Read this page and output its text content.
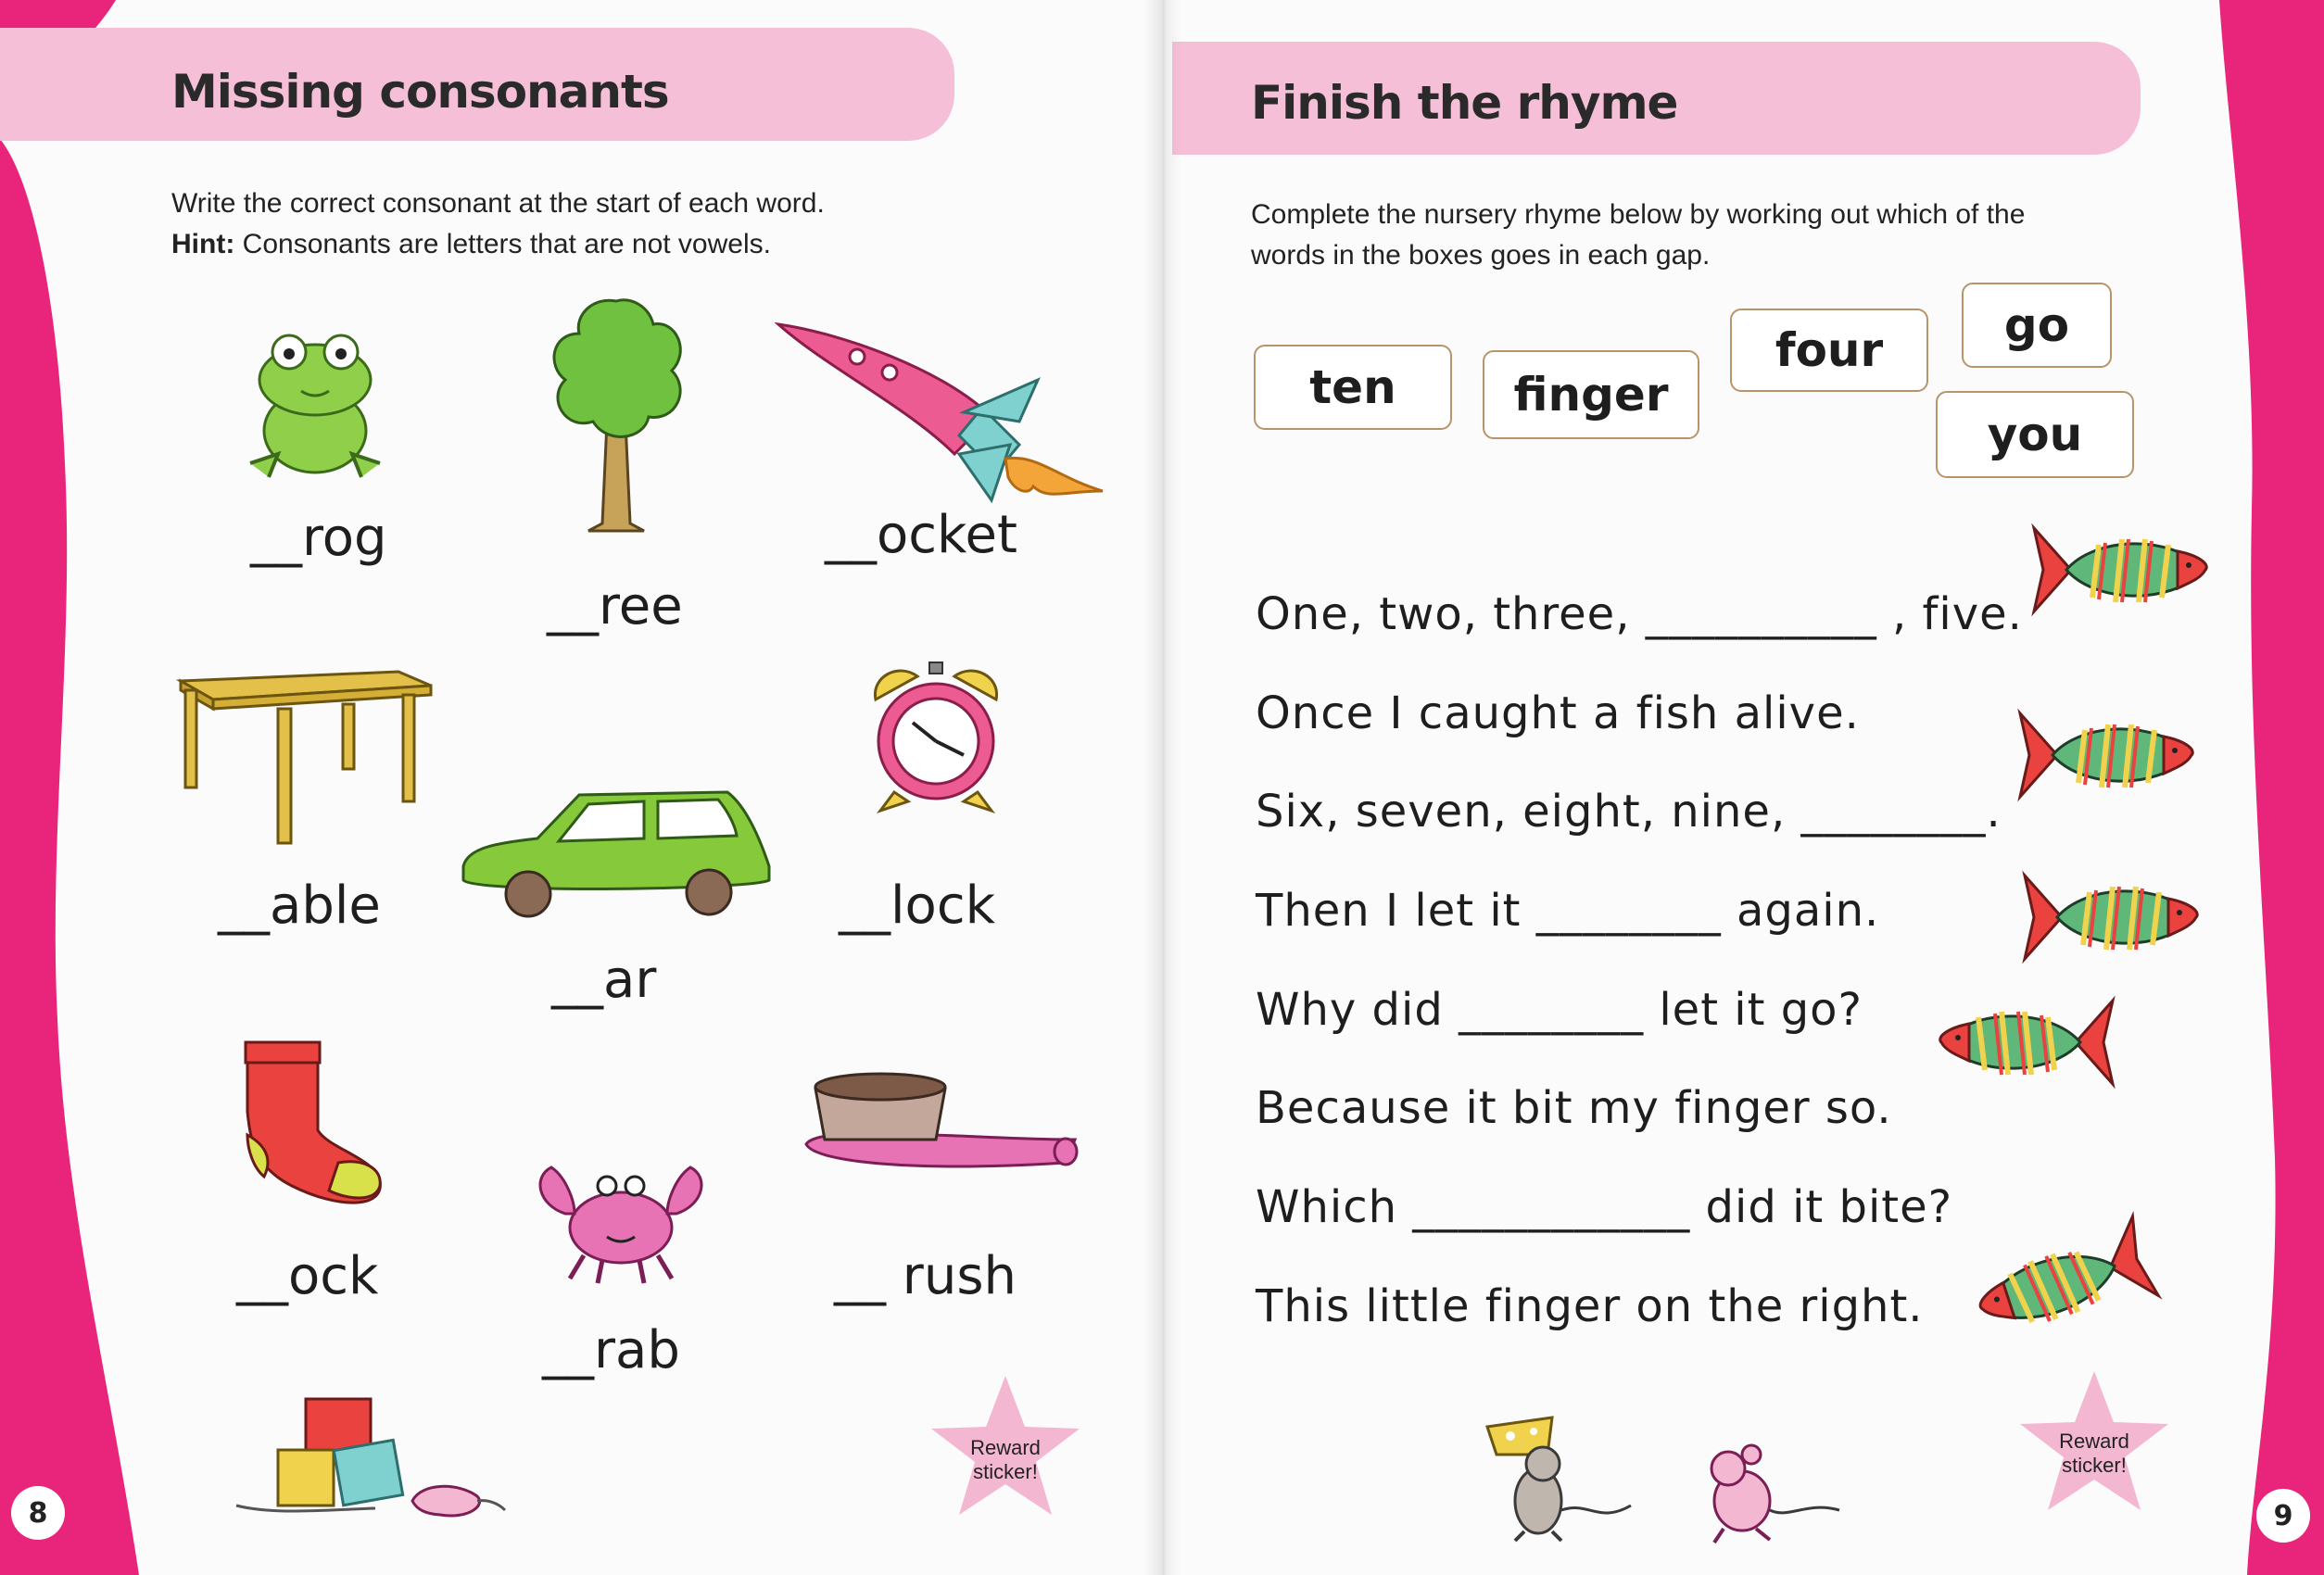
Missing consonants
Write the correct consonant at the start of each word.
Hint: Consonants are letters that are not vowels.
__rog
__ree
__ocket
__able
__ar
__lock
__ock
__rab
__ rush
Reward
sticker!
8
Finish the rhyme
Complete the nursery rhyme below by working out which of the
words in the boxes goes in each gap.
ten	finger
four	go
you
One, two, three, __________ , five.
Once I caught a fish alive.
Six, seven, eight, nine, ________.
Then I let it ________ again.
Why did ________ let it go?
Because it bit my finger so.
Which ____________ did it bite?
This little finger on the right.
Reward
sticker!
9
